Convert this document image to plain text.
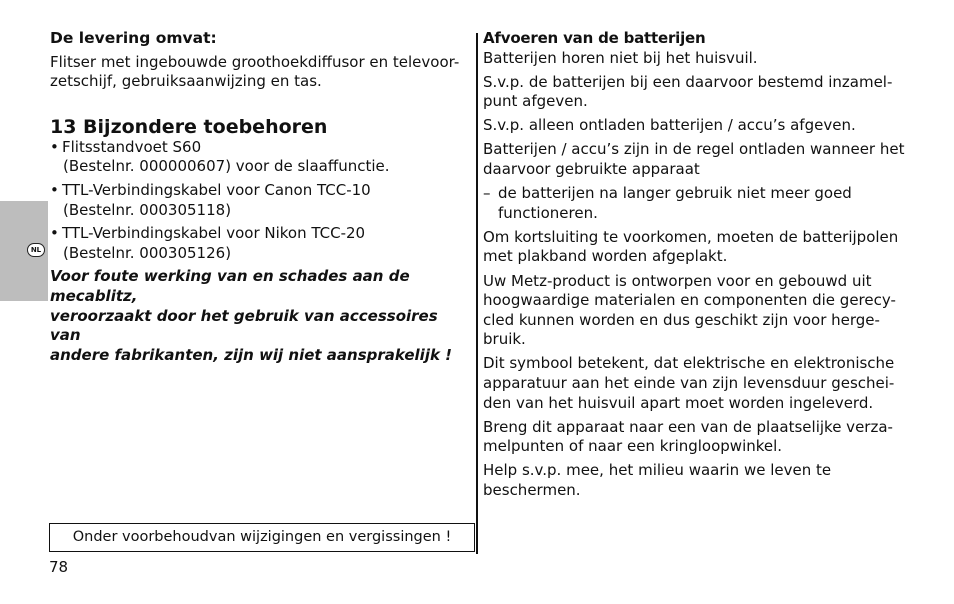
NL
De levering omvat:
Flitser met ingebouwde groothoekdiffusor en televoor-
zetschijf, gebruiksaanwijzing en tas.
13 Bijzondere toebehoren
• Flitsstandvoet S60
(Bestelnr. 000000607) voor de slaaffunctie.
• TTL-Verbindingskabel voor Canon TCC-10
(Bestelnr. 000305118)
• TTL-Verbindingskabel voor Nikon TCC-20
(Bestelnr. 000305126)
Voor foute werking van en schades aan de mecablitz,
veroorzaakt door het gebruik van accessoires van
andere fabrikanten, zijn wij niet aansprakelijk !
Afvoeren van de batterijen
Batterijen horen niet bij het huisvuil.
S.v.p. de batterijen bij een daarvoor bestemd inzamel-
punt afgeven.
S.v.p. alleen ontladen batterijen / accu’s afgeven.
Batterijen / accu’s zijn in de regel ontladen wanneer het
daarvoor gebruikte apparaat
– de batterijen na langer gebruik niet meer goed
functioneren.
Om kortsluiting te voorkomen, moeten de batterijpolen
met plakband worden afgeplakt.
Uw Metz-product is ontworpen voor en gebouwd uit
hoogwaardige materialen en componenten die gerecy-
cled kunnen worden en dus geschikt zijn voor herge-
bruik.
Dit symbool betekent, dat elektrische en elektronische
apparatuur aan het einde van zijn levensduur geschei-
den van het huisvuil apart moet worden ingeleverd.
Breng dit apparaat naar een van de plaatselijke verza-
melpunten of naar een kringloopwinkel.
Help s.v.p. mee, het milieu waarin we leven te
beschermen.
Onder voorbehoudvan wijzigingen en vergissingen !
78
